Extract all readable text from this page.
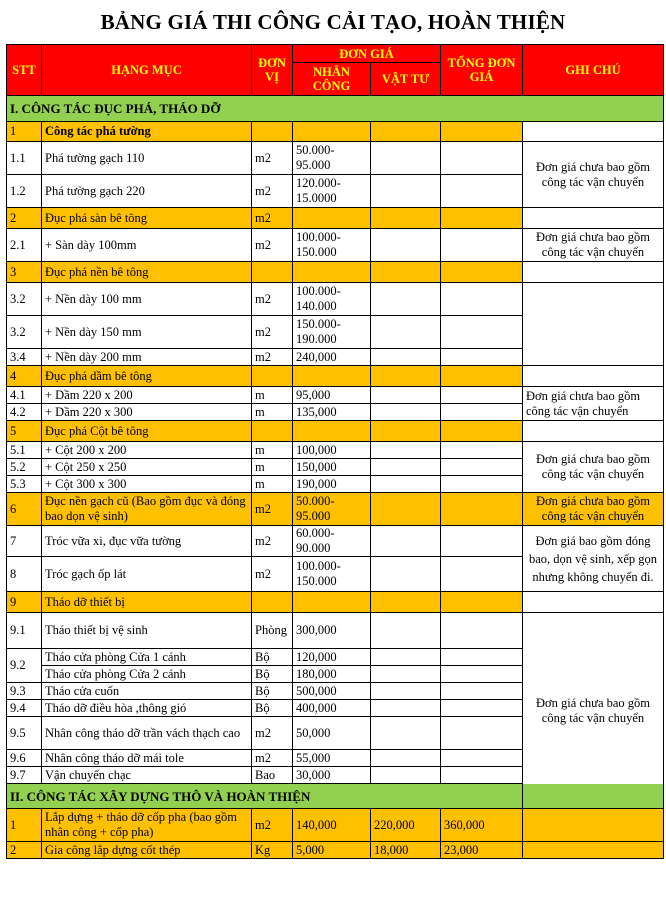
BẢNG GIÁ THI CÔNG CẢI TẠO, HOÀN THIỆN
STT	HẠNG MỤC	ĐƠN VỊ	ĐƠN GIÁ		TỔNG ĐƠN GIÁ	GHI CHÚ
			NHÂN CÔNG	VẬT TƯ		
I. CÔNG TÁC ĐỤC PHÁ, THÁO DỠ						
1	Công tác phá tường					
1.1	Phá tường gạch 110	m2	50.000-95.000			Đơn giá chưa bao gồm công tác vận chuyển
1.2	Phá tường gạch 220	m2	120.000-15.0000			
2	Đục phá sàn bê tông	m2				
2.1	+ Sàn dày 100mm	m2	100.000-150.000			Đơn giá chưa bao gồm công tác vận chuyển
3	Đục phá nền bê tông					
3.2	+ Nền dày 100 mm	m2	100.000-140.000			
3.2	+ Nền dày 150 mm	m2	150.000-190.000			
3.4	+ Nền dày 200 mm	m2	240,000			
4	Đục phá dầm bê tông					
4.1	+ Dầm 220 x 200	m	95,000			Đơn giá chưa bao gồm công tác vận chuyển
4.2	+ Dầm 220 x 300	m	135,000			
5	Đục phá Cột bê tông					
5.1	+ Cột 200 x 200	m	100,000			Đơn giá chưa bao gồm công tác vận chuyển
5.2	+ Cột 250 x 250	m	150,000			
5.3	+ Cột 300 x 300	m	190,000			
6	Đục nền gạch cũ (Bao gồm đục và đóng bao dọn vệ sinh)	m2	50.000-95.000			Đơn giá chưa bao gồm công tác vận chuyển
7	Tróc vữa xi, đục vữa tường	m2	60.000-90.000			Đơn giá bao gồm đóng bao, dọn vệ sinh, xếp gọn nhưng không chuyển đi.
8	Tróc gạch ốp lát	m2	100.000-150.000			
9	Tháo dỡ thiết bị					
9.1	Tháo thiết bị vệ sinh	Phòng	300,000			Đơn giá chưa bao gồm công tác vận chuyển
9.2	Tháo cửa phòng Cửa 1 cánh	Bộ	120,000			
	Tháo cửa phòng Cửa 2 cánh	Bộ	180,000			
9.3	Tháo cửa cuốn	Bộ	500,000			
9.4	Tháo dỡ điều hòa ,thông gió	Bộ	400,000			
9.5	Nhân công tháo dỡ trần vách thạch cao	m2	50,000			
9.6	Nhân công tháo dỡ mái tole	m2	55,000			
9.7	Vận chuyển chạc	Bao	30,000			
II. CÔNG TÁC XÂY DỰNG THÔ VÀ HOÀN THIỆN						
1	Lắp dựng + tháo dỡ cốp pha (bao gồm nhân công + cốp pha)	m2	140,000	220,000	360,000	
2	Gia công lắp dựng cốt thép	Kg	5,000	18,000	23,000	
